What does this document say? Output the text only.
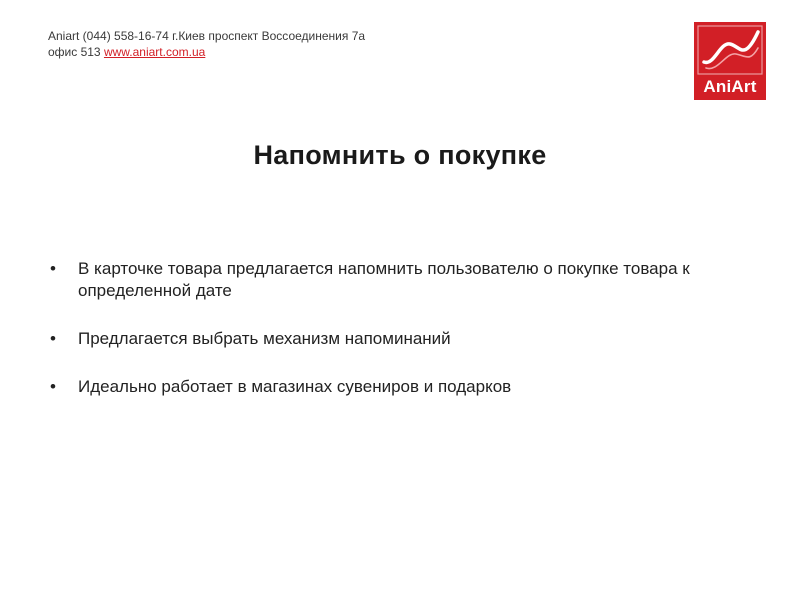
Aniart (044) 558-16-74 г.Киев проспект Воссоединения 7а
офис 513 www.aniart.com.ua
AniArt
Напомнить о покупке
• В карточке товара предлагается напомнить пользователю о покупке товара к определенной дате
• Предлагается выбрать механизм напоминаний
• Идеально работает в магазинах сувениров и подарков
